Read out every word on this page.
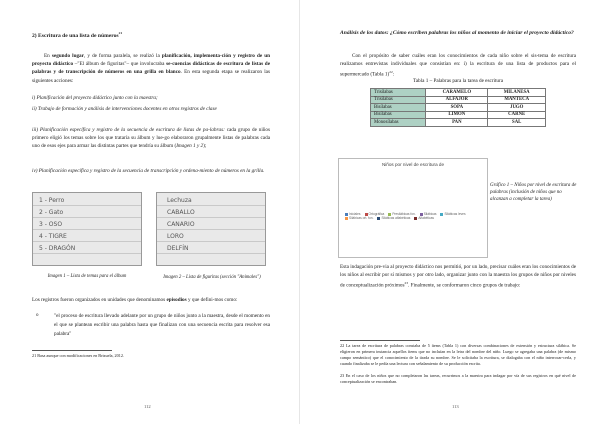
2) Escritura de una lista de números$^{21}$
En segundo lugar, y de forma paralela, se realizó la planificación, implementa-ción y registro de un proyecto didáctico –"El álbum de figuritas"– que involucraba se-cuencias didácticas de escritura de listas de palabras y de transcripción de números en una grilla en blanco. En esta segunda etapa se realizaron las siguientes acciones:
i) Planificación del proyecto didáctico junto con la maestra;
ii) Trabajo de formación y análisis de intervenciones docentes en otros registros de clase
iii) Planificación específica y registro de la secuencia de escritura de listas de pa-labras: cada grupo de niños primero eligió los temas sobre los que trataría su álbum y lue-go elaboraron grupalmente listas de palabras cada uno de esos ejes para armar las distintas partes que tendría su álbum (Imagen 1 y 2);
iv) Planificación específica y registro de la secuencia de transcripción y ordena-miento de números en la grilla.
1 - Perro
2 - Gato
3 - OSO
4 - TIGRE
5 - DRAGÓN
Lechuza
CABALLO
CANARIO
LORO
DELFÍN
Imagen 1 – Lista de temas para el álbum	Imagen 2 – Lista de figuritas (sección "Animales")
Los registros fueron organizados en unidades que denominamos episodios y que defini-mos como:
o	"el proceso de escritura llevado adelante por un grupo de niños junto a la maestra, desde el momento en el que se plantean escribir una palabra hasta que finalizan con una secuencia escrita para resolver esa palabra"
21 Basa aunque con modificaciones en Brizuela, 2012.
112
Análisis de los datos: ¿Cómo escriben palabras los niños al momento de iniciar el proyecto didáctico?
Con el propósito de saber cuáles eran los conocimientos de cada niño sobre el sis-tema de escritura realizamos entrevistas individuales que consistían en: i) la escritura de una lista de productos para el supermercado (Tabla 1)$^{22}$:
Tabla 1 – Palabras para la tarea de escritura
Trisílabas	CARAMELO	MILANESA
Trisílabas	ALFAJOR	MANTECA
Bisílabas	SOPA	JUGO
Bisílabas	LIMON	CARNE
Monosílabas	PAN	SAL
Niños por nivel de escritura de
Iniciales	Ortográfica	Presilábicas fon.	Silábicas	Silábicas levesSilábicas ort. fon.	Silábicas alfabéticas	Alfabéticas
Gráfico 1 – Niños por nivel de escritura de palabras (inclusión de niños que no alcanzan a completar la tarea)
Esta indagación pre-via al proyecto didáctico nos permitió, por un lado, precisar cuáles eran los conocimientos de los niños al escribir por sí mismos y por otro lado, organizar junto con la maestra los grupos de niños por niveles de conceptualización próximos$^{23}$. Finalmente, se conformaron cinco grupos de trabajo:
22 La tarea de escritura de palabras constaba de 5 ítems (Tabla 1) con diversas combinaciones de extensión y estructura silábica. Se eligieron en primera instancia aquellos ítems que no incluían en la letra del nombre del niño. Luego se agregaba una palabra (de mismo campo semántico) que el conocimiento de la tirada su nombre. Se le solicitaba la escritura, se dialogaba con el niño interrocar-cerla, y cuando finalizaba se le pedía una lectura con señalamiento de su producción escrita.
23 En el caso de los niños que no completaron las tareas, recurrimos a la maestra para indagar por vía de sus registros en qué nivel de conceptualización se encontraban.
113
